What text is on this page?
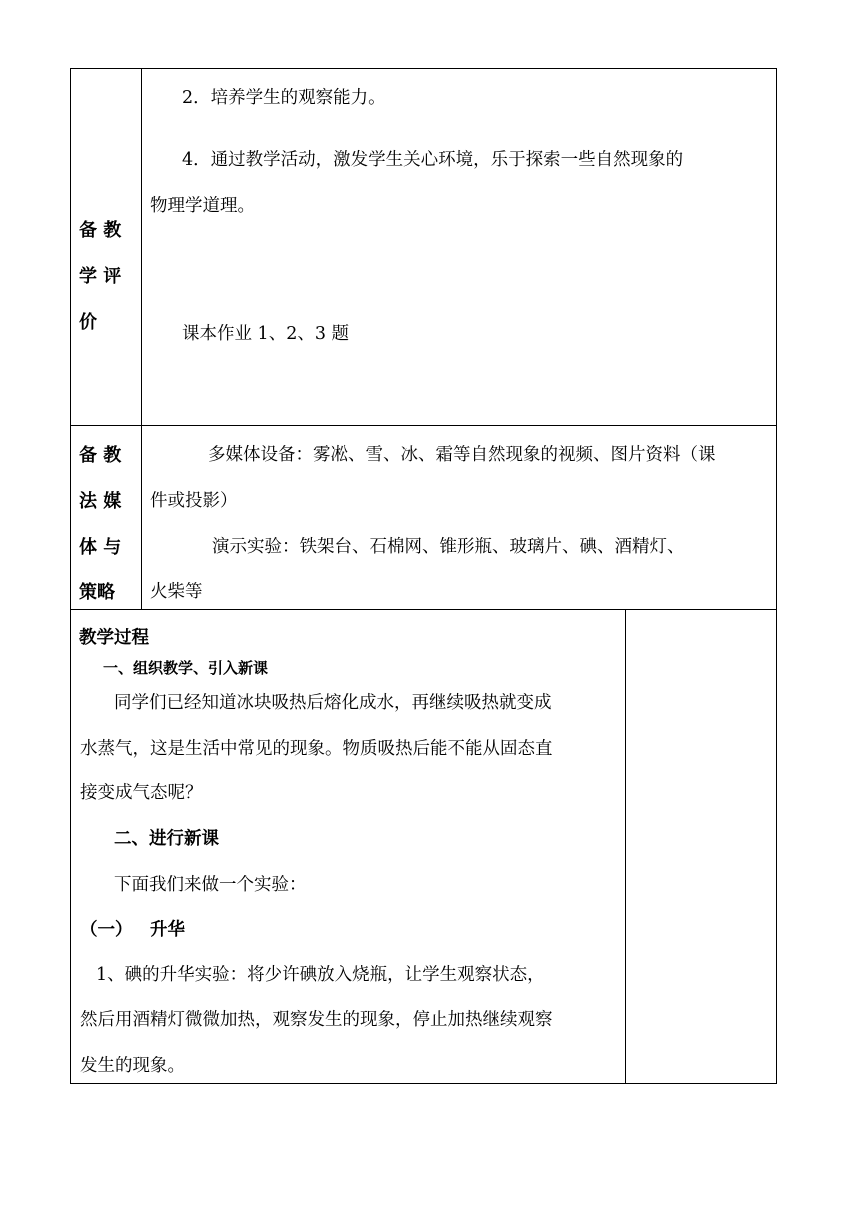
备 教
学 评
价
2．培养学生的观察能力。
4．通过教学活动，激发学生关心环境，乐于探索一些自然现象的
物理学道理。
课本作业 1、2、3 题
备 教
法 媒
体 与
策略
多媒体设备：雾凇、雪、冰、霜等自然现象的视频、图片资料（课
件或投影）
演示实验：铁架台、石棉网、锥形瓶、玻璃片、碘、酒精灯、
火柴等
教学过程
一、组织教学、引入新课
同学们已经知道冰块吸热后熔化成水，再继续吸热就变成
水蒸气，这是生活中常见的现象。物质吸热后能不能从固态直
接变成气态呢？
二、进行新课
下面我们来做一个实验：
（一） 升华
1、碘的升华实验：将少许碘放入烧瓶，让学生观察状态，
然后用酒精灯微微加热，观察发生的现象，停止加热继续观察
发生的现象。
